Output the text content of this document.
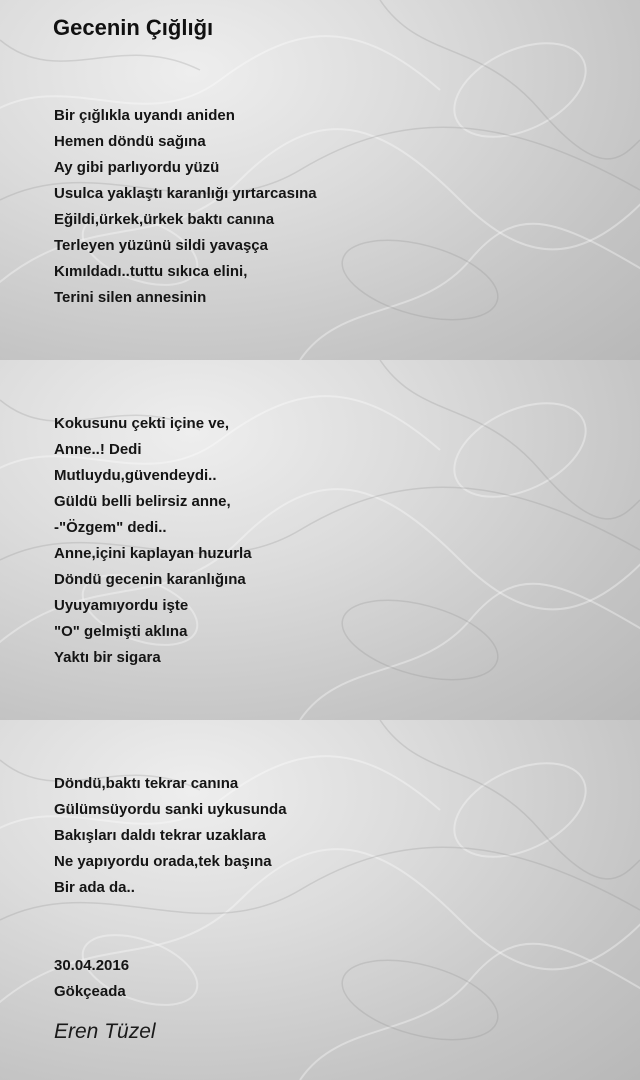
Gecenin Çığlığı
Bir çığlıkla uyandı aniden
Hemen döndü sağına
Ay gibi parlıyordu yüzü
Usulca yaklaştı karanlığı yırtarcasına
Eğildi,ürkek,ürkek baktı canına
Terleyen yüzünü sildi yavaşça
Kımıldadı..tuttu sıkıca elini,
Terini silen annesinin
Kokusunu çekti içine ve,
Anne..! Dedi
Mutluydu,güvendeydi..
Güldü belli belirsiz anne,
-"Özgem" dedi..
Anne,içini kaplayan huzurla
Döndü gecenin karanlığına
Uyuyamıyordu işte
"O" gelmişti aklına
Yaktı bir sigara
Döndü,baktı tekrar canına
Gülümsüyordu sanki uykusunda
Bakışları daldı tekrar uzaklara
Ne yapıyordu orada,tek başına
Bir ada da..
30.04.2016
Gökçeada
Eren Tüzel
